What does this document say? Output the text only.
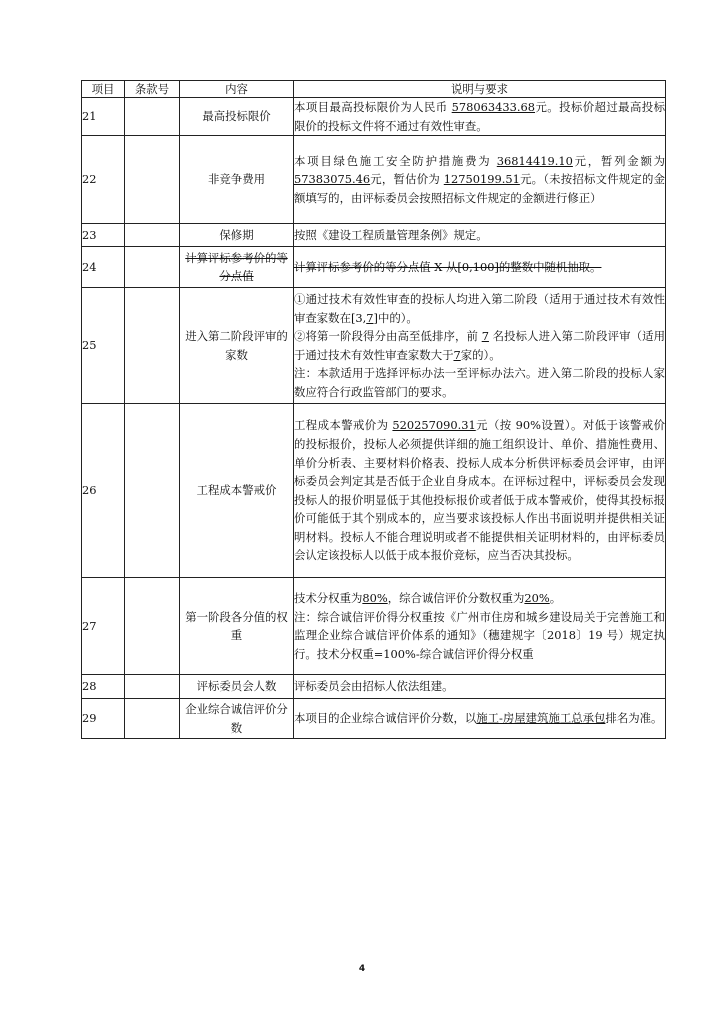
项目	条款号	内容	说明与要求
21		最高投标限价	本项目最高投标限价为人民币 578063433.68元。投标价超过最高投标限价的投标文件将不通过有效性审查。
22		非竞争费用	本项目绿色施工安全防护措施费为 36814419.10元，暂列金额为 57383075.46元，暂估价为 12750199.51元。（未按招标文件规定的金额填写的，由评标委员会按照招标文件规定的金额进行修正）
23		保修期	按照《建设工程质量管理条例》规定。
24		计算评标参考价的等分点值	计算评标参考价的等分点值 X 从[0,100]的整数中随机抽取。
25		进入第二阶段评审的家数	①通过技术有效性审查的投标人均进入第二阶段（适用于通过技术有效性审查家数在[3,7]中的）。
②将第一阶段得分由高至低排序，前 7 名投标人进入第二阶段评审（适用于通过技术有效性审查家数大于7家的）。
注：本款适用于选择评标办法一至评标办法六。进入第二阶段的投标人家数应符合行政监管部门的要求。

26		工程成本警戒价	工程成本警戒价为 520257090.31元（按 90%设置）。对低于该警戒价的投标报价，投标人必须提供详细的施工组织设计、单价、措施性费用、单价分析表、主要材料价格表、投标人成本分析供评标委员会评审，由评标委员会判定其是否低于企业自身成本。在评标过程中，评标委员会发现投标人的报价明显低于其他投标报价或者低于成本警戒价，使得其投标报价可能低于其个别成本的，应当要求该投标人作出书面说明并提供相关证明材料。投标人不能合理说明或者不能提供相关证明材料的，由评标委员会认定该投标人以低于成本报价竞标，应当否决其投标。
27		第一阶段各分值的权重	技术分权重为80%，综合诚信评价分数权重为20%。
注：综合诚信评价得分权重按《广州市住房和城乡建设局关于完善施工和监理企业综合诚信评价体系的通知》（穗建规字〔2018〕19 号）规定执行。技术分权重=100%-综合诚信评价得分权重

28		评标委员会人数	评标委员会由招标人依法组建。
29		企业综合诚信评价分数	本项目的企业综合诚信评价分数，以施工-房屋建筑施工总承包排名为准。
4
